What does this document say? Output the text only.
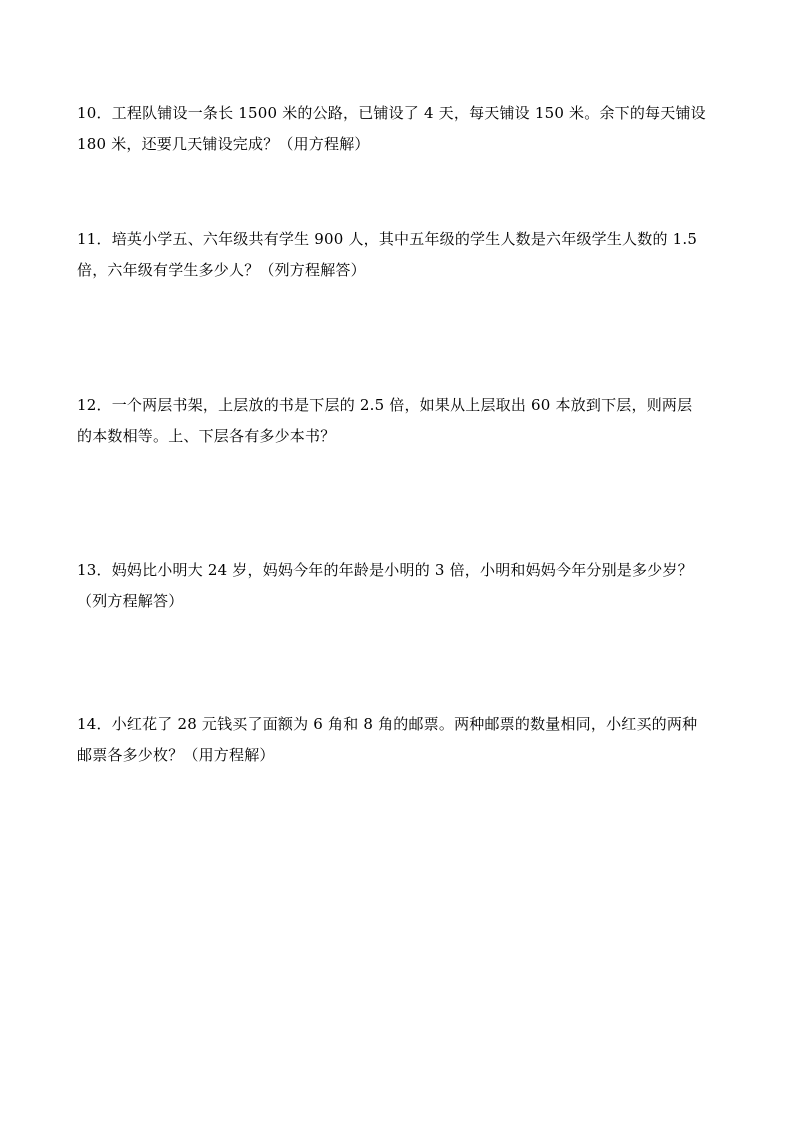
10．工程队铺设一条长 1500 米的公路，已铺设了 4 天，每天铺设 150 米。余下的每天铺设
180 米，还要几天铺设完成？（用方程解）
11．培英小学五、六年级共有学生 900 人，其中五年级的学生人数是六年级学生人数的 1.5
倍，六年级有学生多少人？（列方程解答）
12．一个两层书架，上层放的书是下层的 2.5 倍，如果从上层取出 60 本放到下层，则两层
的本数相等。上、下层各有多少本书？
13．妈妈比小明大 24 岁，妈妈今年的年龄是小明的 3 倍，小明和妈妈今年分别是多少岁？
（列方程解答）
14．小红花了 28 元钱买了面额为 6 角和 8 角的邮票。两种邮票的数量相同，小红买的两种
邮票各多少枚？（用方程解）
